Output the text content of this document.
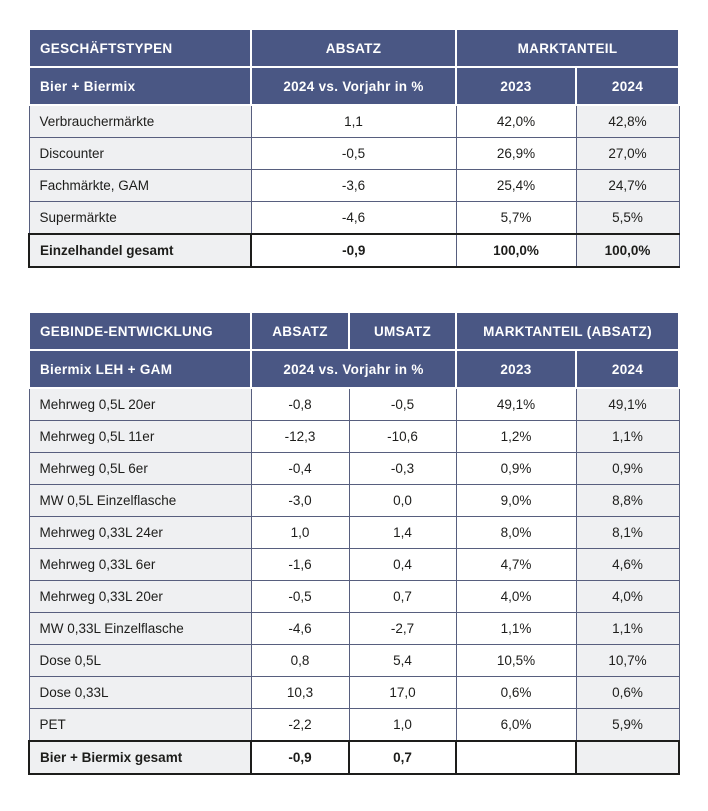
GESCHÄFTSTYPEN	ABSATZ	MARKTANTEIL	
Bier + Biermix	2024 vs. Vorjahr in %	2023	2024
Verbrauchermärkte	1,1	42,0%	42,8%
Discounter	-0,5	26,9%	27,0%
Fachmärkte, GAM	-3,6	25,4%	24,7%
Supermärkte	-4,6	5,7%	5,5%
Einzelhandel gesamt	-0,9	100,0%	100,0%
GEBINDE-ENTWICKLUNG	ABSATZ	UMSATZ	MARKTANTEIL (ABSATZ)	
Biermix LEH + GAM	2024 vs. Vorjahr in %		2023	2024
Mehrweg 0,5L 20er	-0,8	-0,5	49,1%	49,1%
Mehrweg 0,5L 11er	-12,3	-10,6	1,2%	1,1%
Mehrweg 0,5L 6er	-0,4	-0,3	0,9%	0,9%
MW 0,5L Einzelflasche	-3,0	0,0	9,0%	8,8%
Mehrweg 0,33L 24er	1,0	1,4	8,0%	8,1%
Mehrweg 0,33L 6er	-1,6	0,4	4,7%	4,6%
Mehrweg 0,33L 20er	-0,5	0,7	4,0%	4,0%
MW 0,33L Einzelflasche	-4,6	-2,7	1,1%	1,1%
Dose 0,5L	0,8	5,4	10,5%	10,7%
Dose 0,33L	10,3	17,0	0,6%	0,6%
PET	-2,2	1,0	6,0%	5,9%
Bier + Biermix gesamt	-0,9	0,7		
